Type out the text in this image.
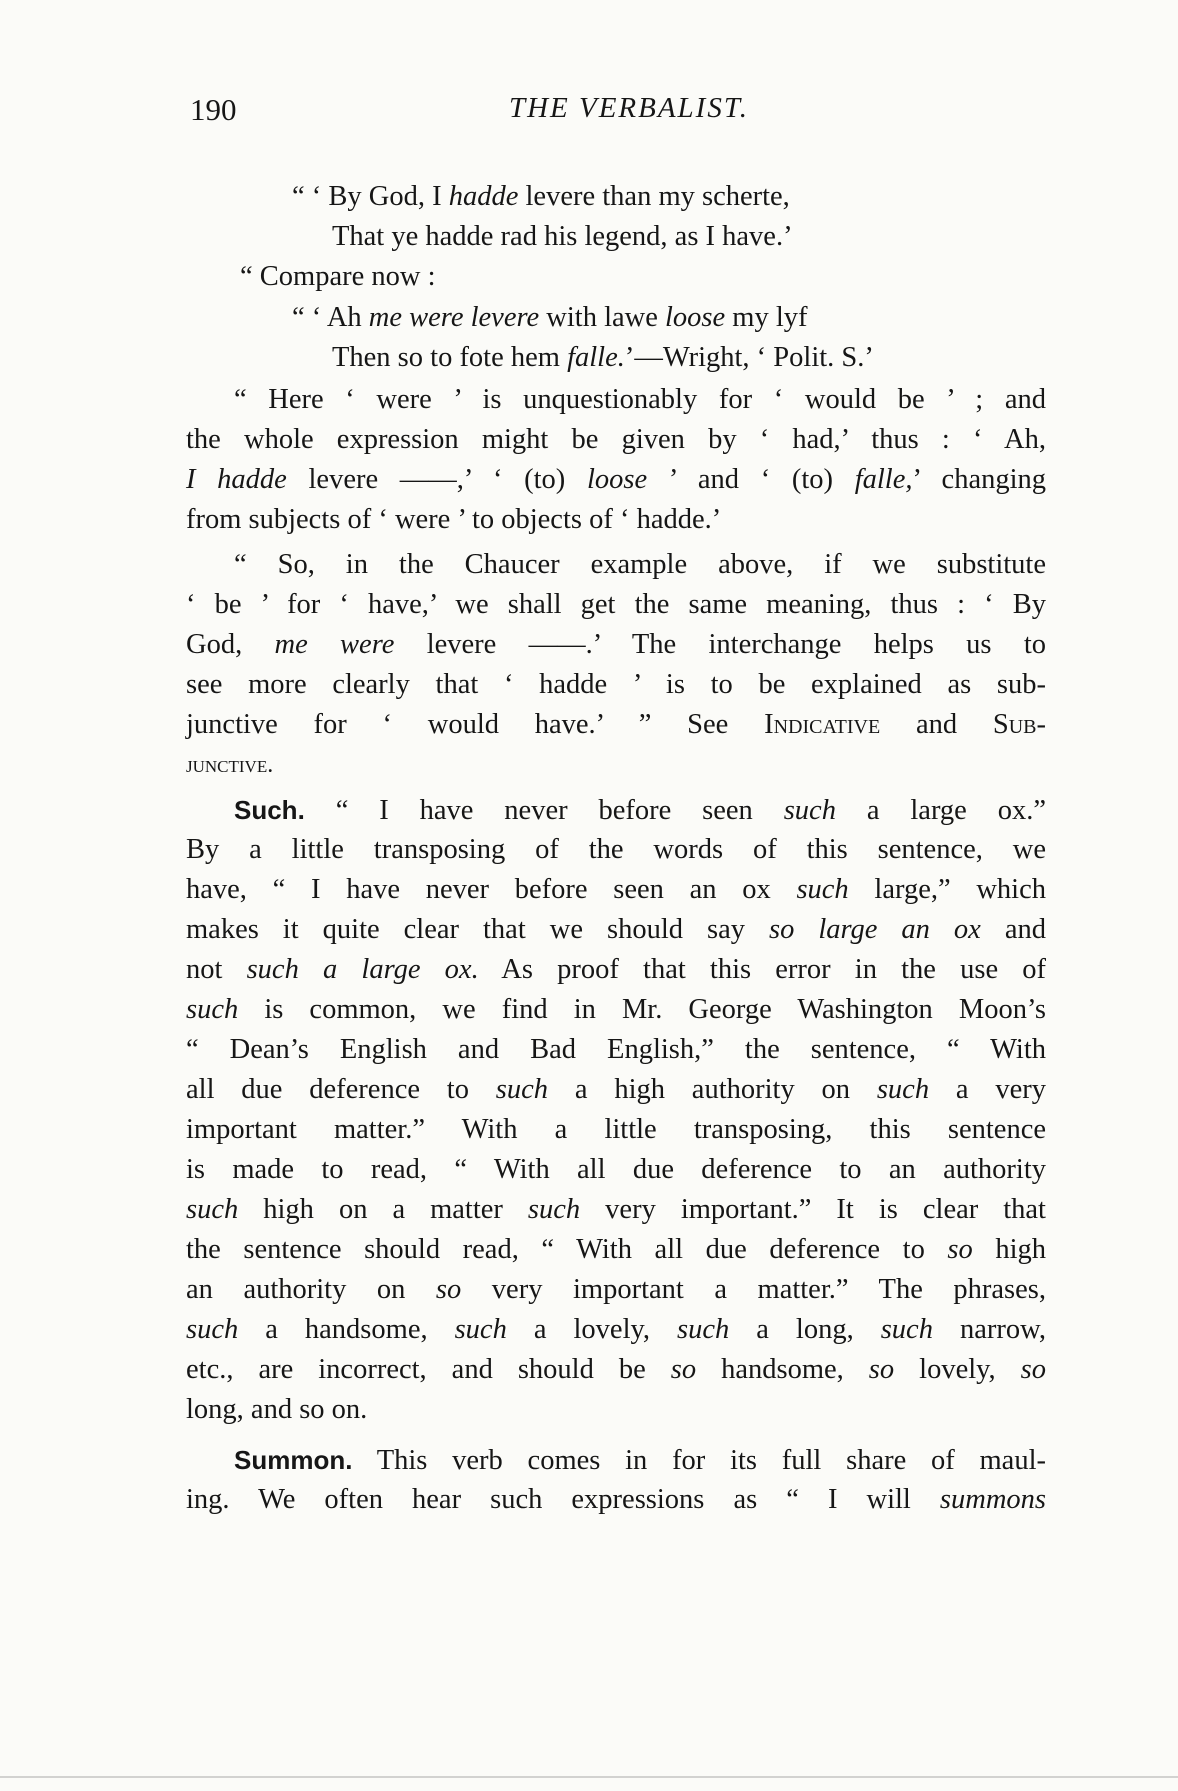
190	THE VERBALIST.
“ ‘ By God, I hadde levere than my scherte,
That ye hadde rad his legend, as I have.’
“ Compare now :
“ ‘ Ah me were levere with lawe loose my lyf
Then so to fote hem falle.’—Wright, ‘ Polit. S.’
“ Here ‘ were ’ is unquestionably for ‘ would be ’ ; and
the whole expression might be given by ‘ had,’ thus : ‘ Ah,
I hadde levere ——,’ ‘ (to) loose ’ and ‘ (to) falle,’ changing
from subjects of ‘ were ’ to objects of ‘ hadde.’
“ So, in the Chaucer example above, if we substitute
‘ be ’ for ‘ have,’ we shall get the same meaning, thus : ‘ By
God, me were levere ——.’ The interchange helps us to
see more clearly that ‘ hadde ’ is to be explained as sub-
junctive for ‘ would have.’ ” See Indicative and Sub-
junctive.
Such. “ I have never before seen such a large ox.”
By a little transposing of the words of this sentence, we
have, “ I have never before seen an ox such large,” which
makes it quite clear that we should say so large an ox and
not such a large ox. As proof that this error in the use of
such is common, we find in Mr. George Washington Moon’s
“ Dean’s English and Bad English,” the sentence, “ With
all due deference to such a high authority on such a very
important matter.” With a little transposing, this sentence
is made to read, “ With all due deference to an authority
such high on a matter such very important.” It is clear that
the sentence should read, “ With all due deference to so high
an authority on so very important a matter.” The phrases,
such a handsome, such a lovely, such a long, such narrow,
etc., are incorrect, and should be so handsome, so lovely, so
long, and so on.
Summon. This verb comes in for its full share of maul-
ing. We often hear such expressions as “ I will summons
